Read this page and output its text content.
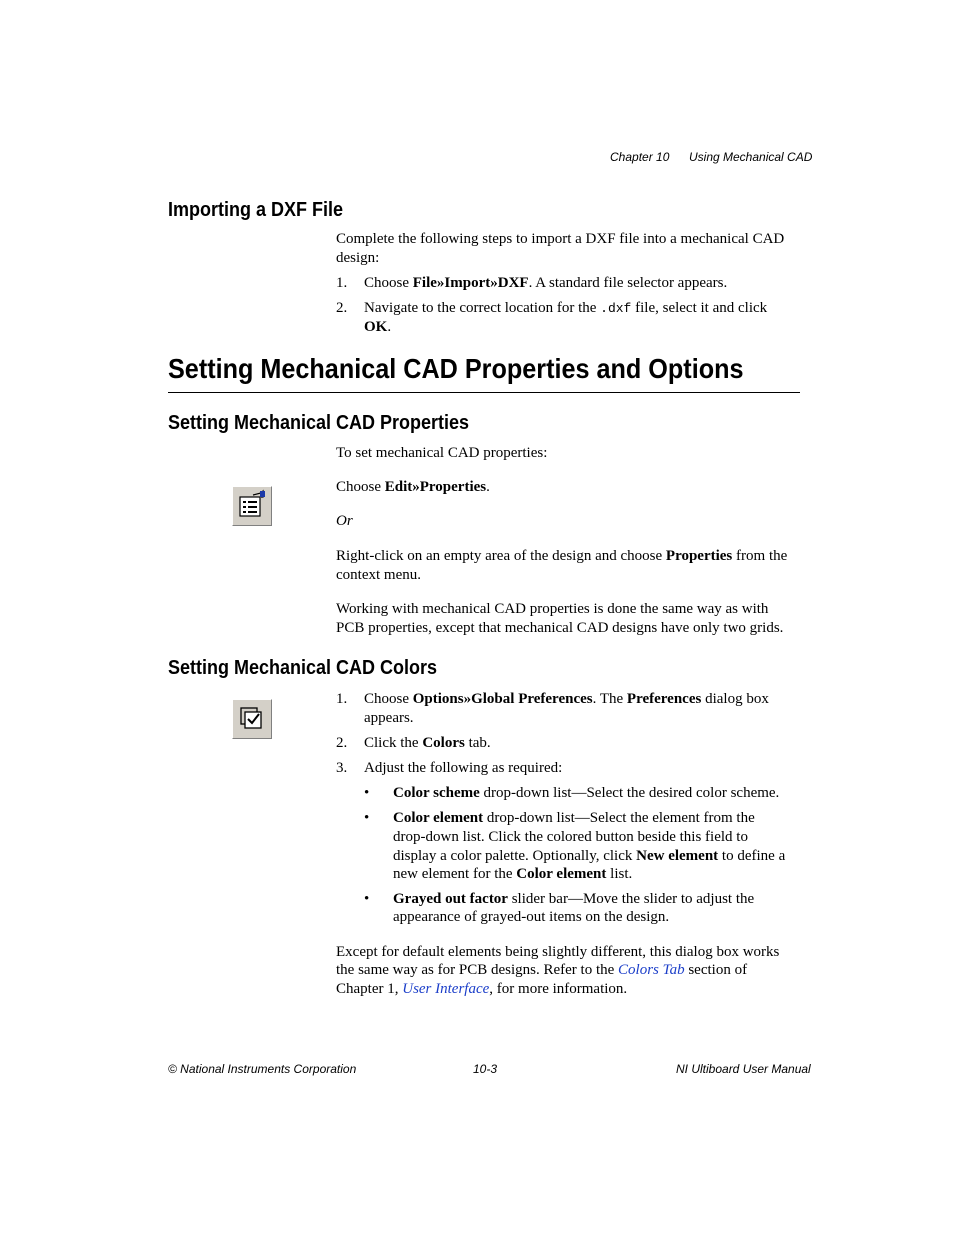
Chapter 10 Using Mechanical CAD
Importing a DXF File
Complete the following steps to import a DXF file into a mechanical CAD
design:
1. Choose File»Import»DXF. A standard file selector appears.
2. Navigate to the correct location for the .dxf file, select it and click
OK.
Setting Mechanical CAD Properties and Options
Setting Mechanical CAD Properties
To set mechanical CAD properties:
Choose Edit»Properties.
Or
Right-click on an empty area of the design and choose Properties from the
context menu.
Working with mechanical CAD properties is done the same way as with
PCB properties, except that mechanical CAD designs have only two grids.
Setting Mechanical CAD Colors
1. Choose Options»Global Preferences. The Preferences dialog box
appears.
2. Click the Colors tab.
3. Adjust the following as required:
• Color scheme drop-down list—Select the desired color scheme.
• Color element drop-down list—Select the element from the
drop-down list. Click the colored button beside this field to
display a color palette. Optionally, click New element to define a
new element for the Color element list.
• Grayed out factor slider bar—Move the slider to adjust the
appearance of grayed-out items on the design.
Except for default elements being slightly different, this dialog box works
the same way as for PCB designs. Refer to the Colors Tab section of
Chapter 1, User Interface, for more information.
© National Instruments Corporation	10-3	NI Ultiboard User Manual
